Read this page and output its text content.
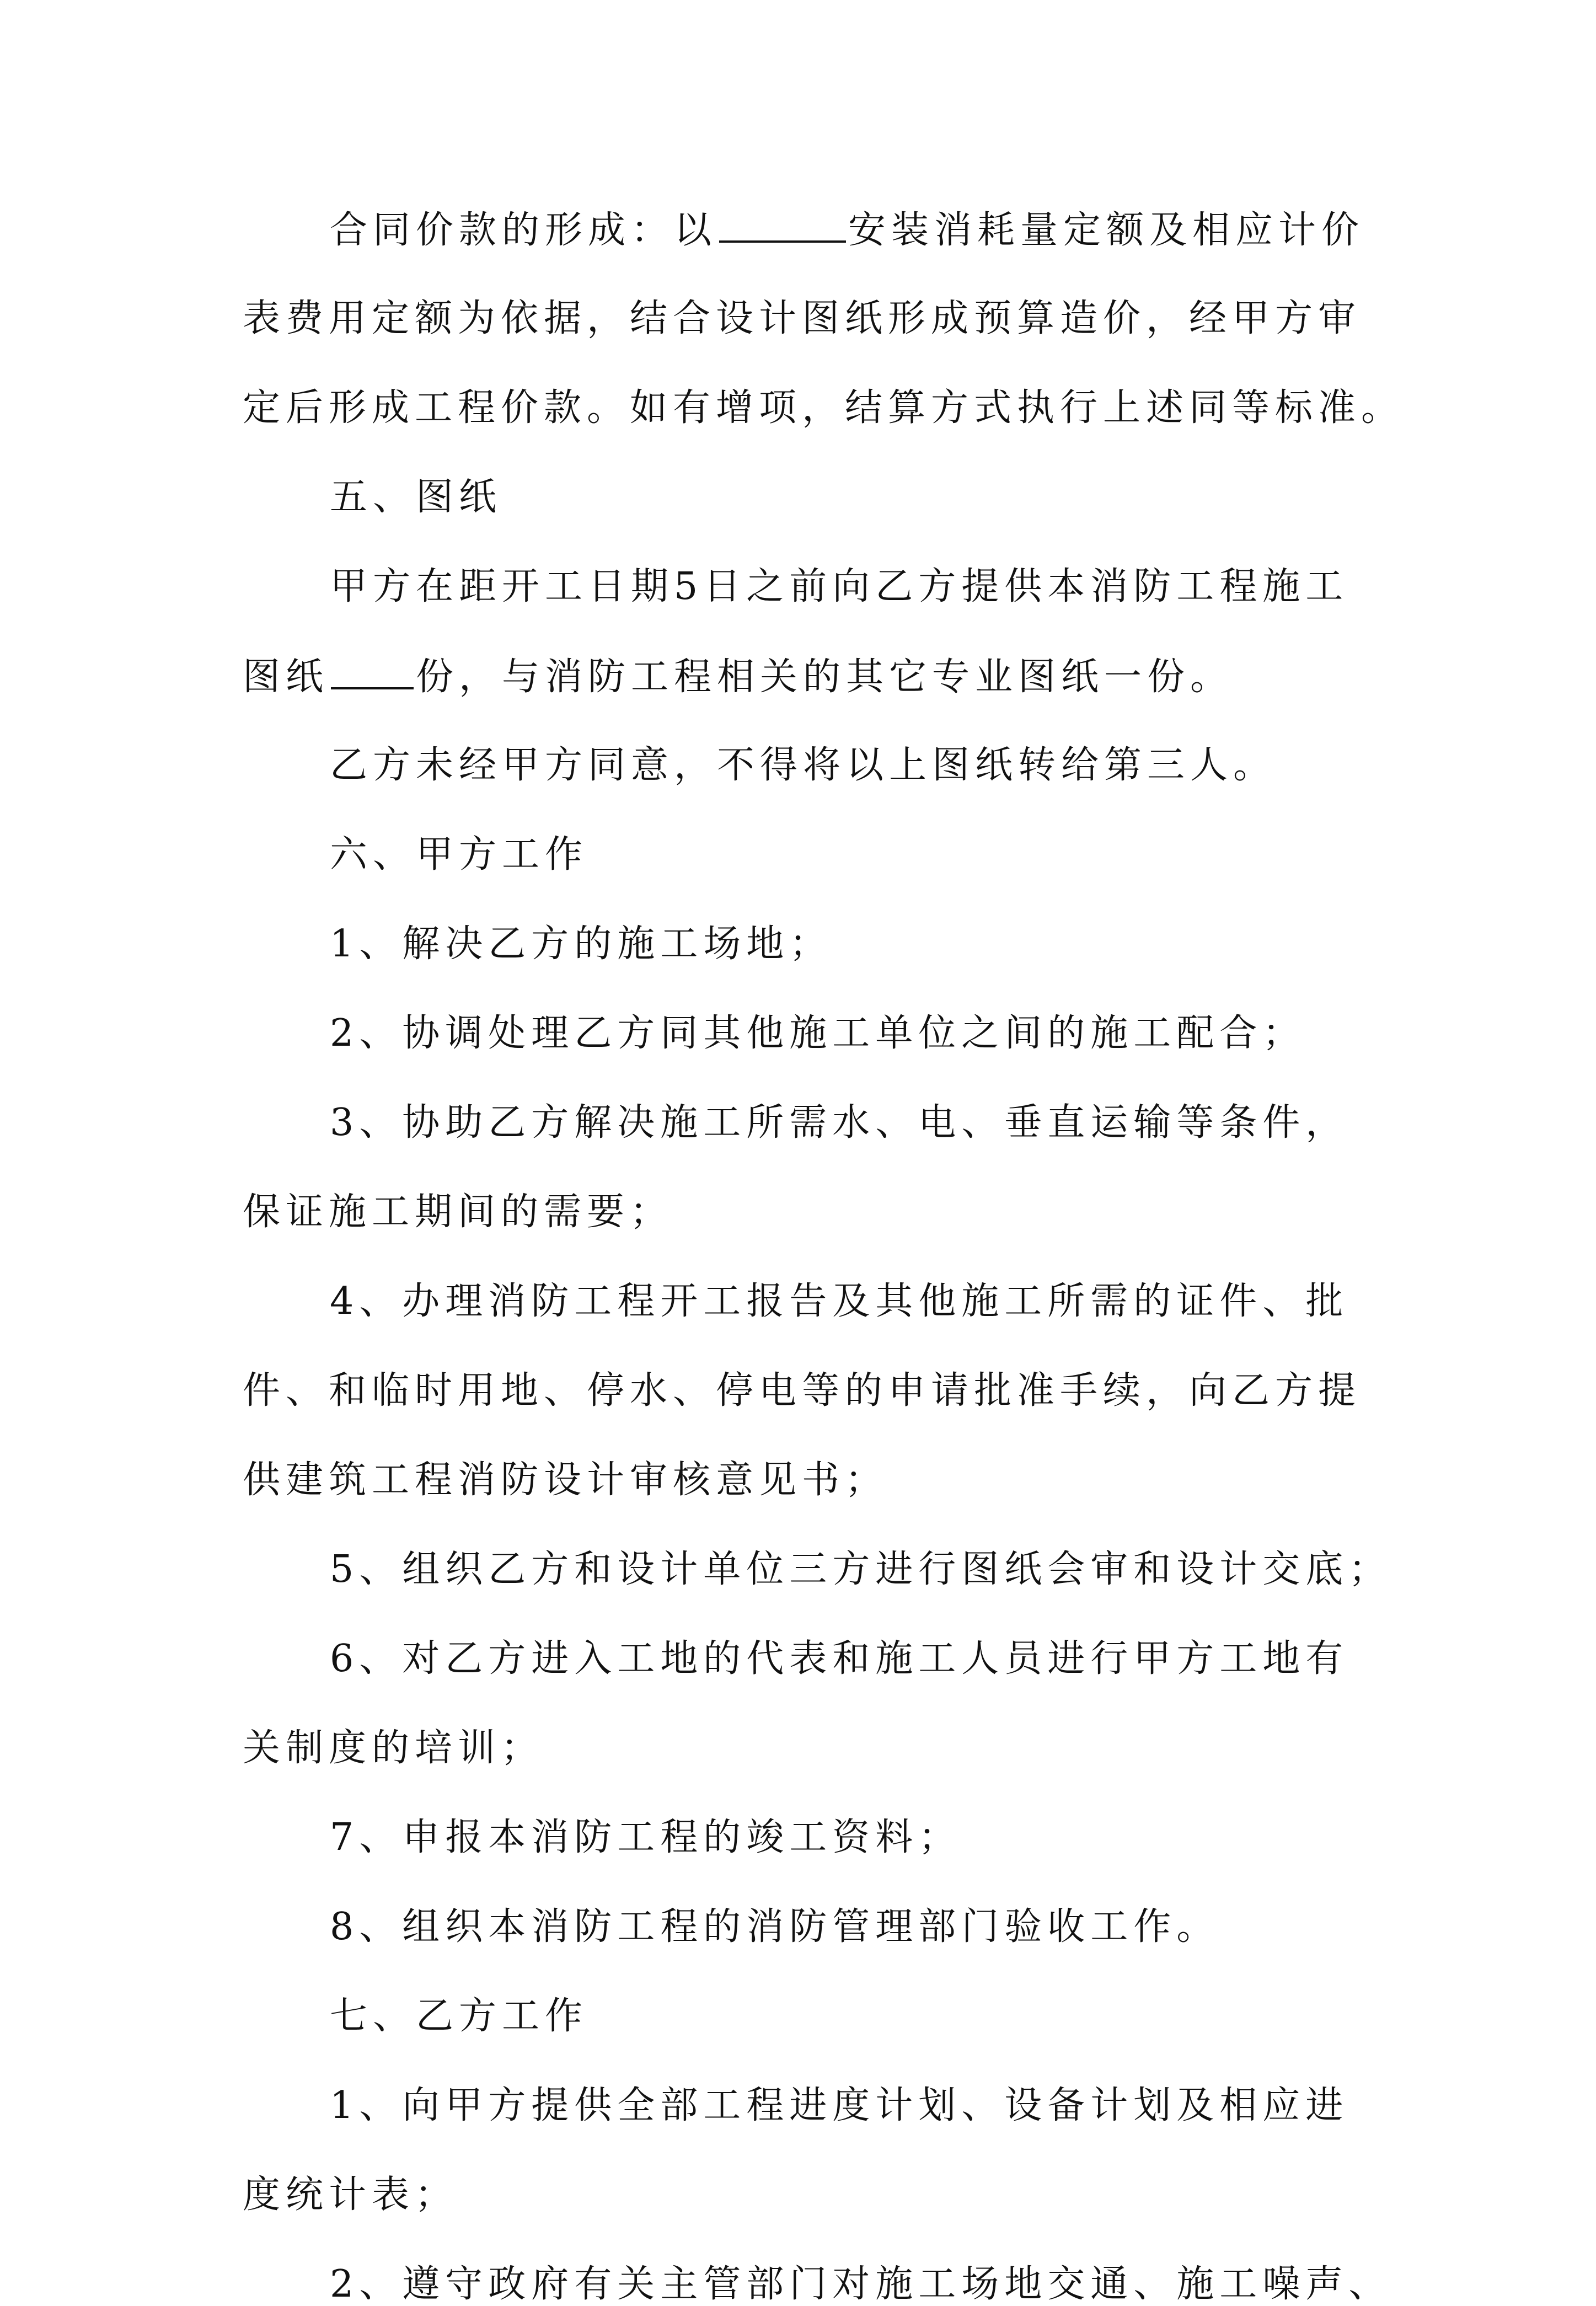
合同价款的形成：以	安装消耗量定额及相应计价
表费用定额为依据，结合设计图纸形成预算造价，经甲方审
定后形成工程价款。如有增项，结算方式执行上述同等标准。
五、图纸
甲方在距开工日期5日之前向乙方提供本消防工程施工
图纸 份，与消防工程相关的其它专业图纸一份。
乙方未经甲方同意，不得将以上图纸转给第三人。
六、甲方工作
1、解决乙方的施工场地；
2、协调处理乙方同其他施工单位之间的施工配合；
3、协助乙方解决施工所需水、电、垂直运输等条件，
保证施工期间的需要；
4、办理消防工程开工报告及其他施工所需的证件、批
件、和临时用地、停水、停电等的申请批准手续，向乙方提
供建筑工程消防设计审核意见书；
5、组织乙方和设计单位三方进行图纸会审和设计交底；
6、对乙方进入工地的代表和施工人员进行甲方工地有
关制度的培训；
7、申报本消防工程的竣工资料；
8、组织本消防工程的消防管理部门验收工作。
七、乙方工作
1、向甲方提供全部工程进度计划、设备计划及相应进
度统计表；
2、遵守政府有关主管部门对施工场地交通、施工噪声、
